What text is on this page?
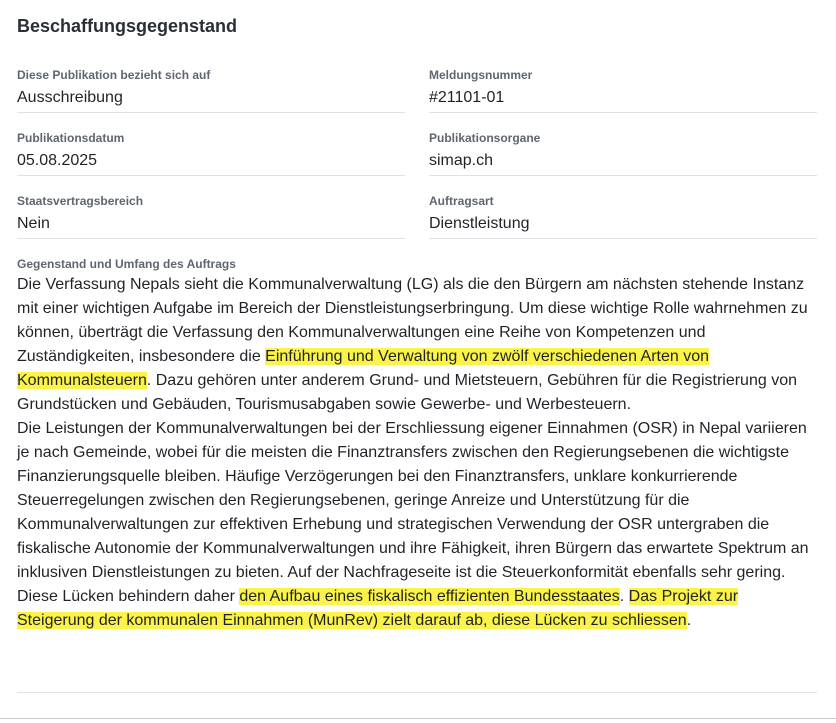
Beschaffungsgegenstand
Diese Publikation bezieht sich auf
Ausschreibung
Meldungsnummer
#21101-01
Publikationsdatum
05.08.2025
Publikationsorgane
simap.ch
Staatsvertragsbereich
Nein
Auftragsart
Dienstleistung
Gegenstand und Umfang des Auftrags

Die Verfassung Nepals sieht die Kommunalverwaltung (LG) als die den Bürgern am nächsten stehende Instanz mit einer wichtigen Aufgabe im Bereich der Dienstleistungserbringung. Um diese wichtige Rolle wahrnehmen zu können, überträgt die Verfassung den Kommunalverwaltungen eine Reihe von Kompetenzen und Zuständigkeiten, insbesondere die Einführung und Verwaltung von zwölf verschiedenen Arten von Kommunalsteuern. Dazu gehören unter anderem Grund- und Mietsteuern, Gebühren für die Registrierung von Grundstücken und Gebäuden, Tourismusabgaben sowie Gewerbe- und Werbesteuern.

Die Leistungen der Kommunalverwaltungen bei der Erschliessung eigener Einnahmen (OSR) in Nepal variieren je nach Gemeinde, wobei für die meisten die Finanztransfers zwischen den Regierungsebenen die wichtigste Finanzierungsquelle bleiben. Häufige Verzögerungen bei den Finanztransfers, unklare konkurrierende Steuerregelungen zwischen den Regierungsebenen, geringe Anreize und Unterstützung für die Kommunalverwaltungen zur effektiven Erhebung und strategischen Verwendung der OSR untergraben die fiskalische Autonomie der Kommunalverwaltungen und ihre Fähigkeit, ihren Bürgern das erwartete Spektrum an inklusiven Dienstleistungen zu bieten. Auf der Nachfrageseite ist die Steuerkonformität ebenfalls sehr gering. Diese Lücken behindern daher den Aufbau eines fiskalisch effizienten Bundesstaates. Das Projekt zur Steigerung der kommunalen Einnahmen (MunRev) zielt darauf ab, diese Lücken zu schliessen.
